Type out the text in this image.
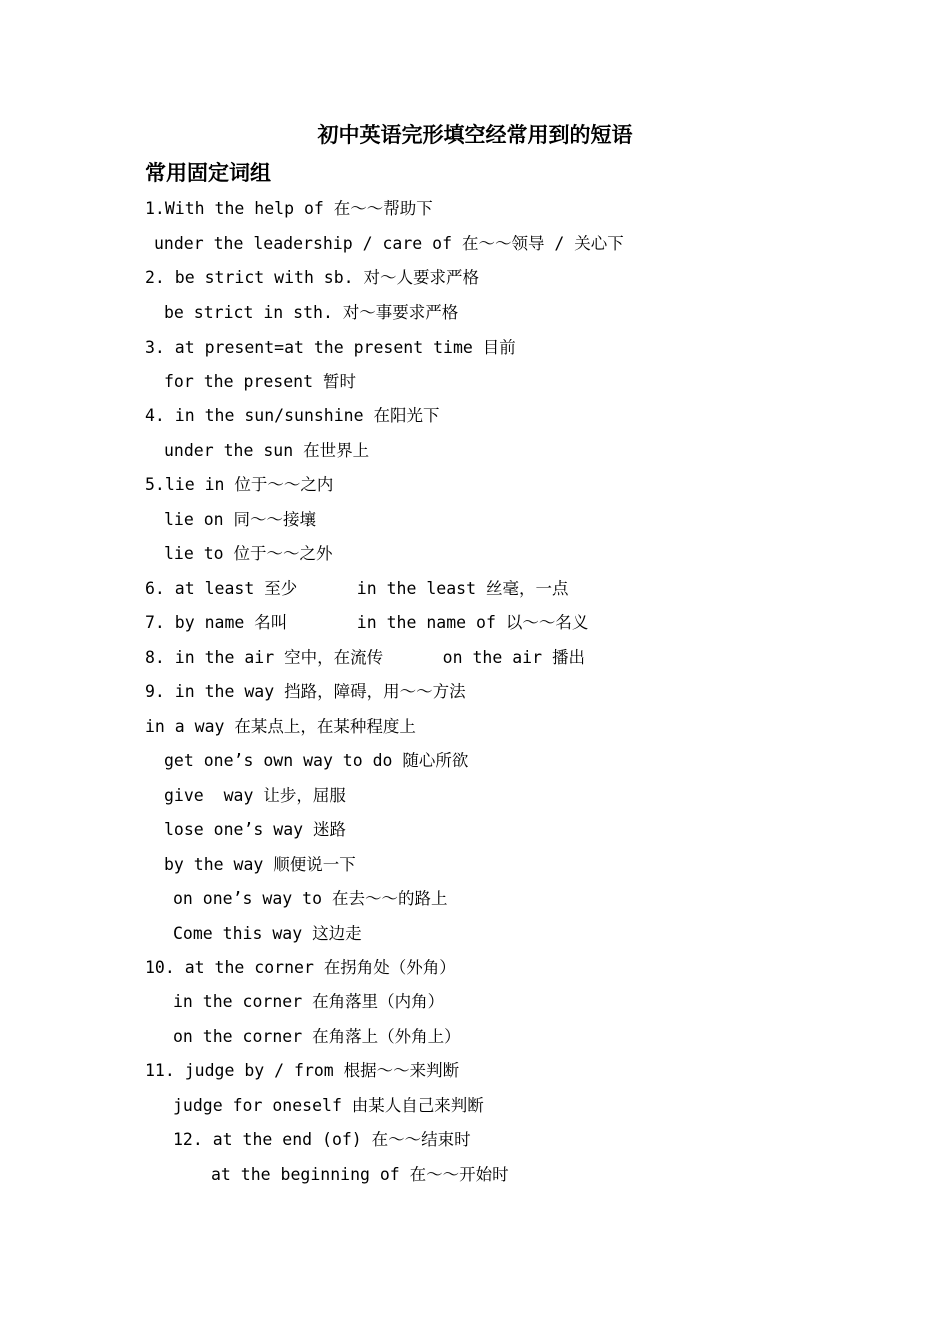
初中英语完形填空经常用到的短语
常用固定词组
1.With the help of 在～～帮助下
under the leadership / care of 在～～领导 / 关心下
2. be strict with sb. 对～人要求严格
be strict in sth. 对～事要求严格
3. at present=at the present time 目前
for the present 暂时
4. in the sun/sunshine 在阳光下
under the sun 在世界上
5.lie in 位于～～之内
lie on 同～～接壤
lie to 位于～～之外
6. at least 至少      in the least 丝毫，一点
7. by name 名叫       in the name of 以～～名义
8. in the air 空中，在流传      on the air 播出
9. in the way 挡路，障碍，用～～方法
in a way 在某点上，在某种程度上
get one’s own way to do 随心所欲
give  way 让步，屈服
lose one’s way 迷路
by the way 顺便说一下
on one’s way to 在去～～的路上
Come this way 这边走
10. at the corner 在拐角处（外角）
in the corner 在角落里（内角）
on the corner 在角落上（外角上）
11. judge by / from 根据～～来判断
judge for oneself 由某人自己来判断
12. at the end (of) 在～～结束时
at the beginning of 在～～开始时
